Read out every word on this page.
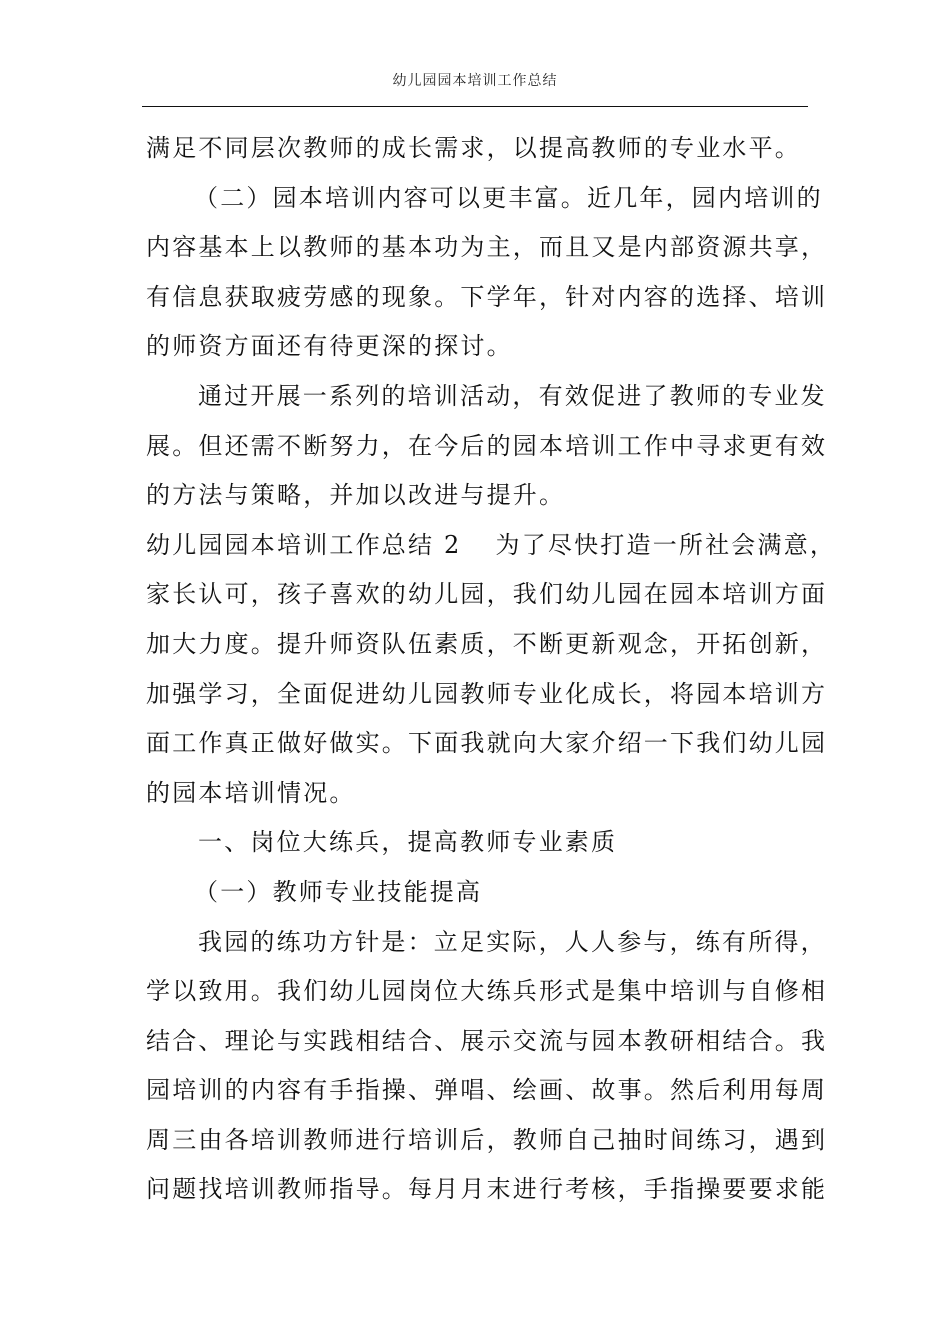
幼儿园园本培训工作总结
满足不同层次教师的成长需求，以提高教师的专业水平。
（二）园本培训内容可以更丰富。近几年，园内培训的
内容基本上以教师的基本功为主，而且又是内部资源共享，
有信息获取疲劳感的现象。下学年，针对内容的选择、培训
的师资方面还有待更深的探讨。
通过开展一系列的培训活动，有效促进了教师的专业发
展。但还需不断努力，在今后的园本培训工作中寻求更有效
的方法与策略，并加以改进与提升。
幼儿园园本培训工作总结 2 为了尽快打造一所社会满意，
家长认可，孩子喜欢的幼儿园，我们幼儿园在园本培训方面
加大力度。提升师资队伍素质，不断更新观念，开拓创新，
加强学习，全面促进幼儿园教师专业化成长，将园本培训方
面工作真正做好做实。下面我就向大家介绍一下我们幼儿园
的园本培训情况。
一、岗位大练兵，提高教师专业素质
（一）教师专业技能提高
我园的练功方针是：立足实际，人人参与，练有所得，
学以致用。我们幼儿园岗位大练兵形式是集中培训与自修相
结合、理论与实践相结合、展示交流与园本教研相结合。我
园培训的内容有手指操、弹唱、绘画、故事。然后利用每周
周三由各培训教师进行培训后，教师自己抽时间练习，遇到
问题找培训教师指导。每月月末进行考核，手指操要要求能
